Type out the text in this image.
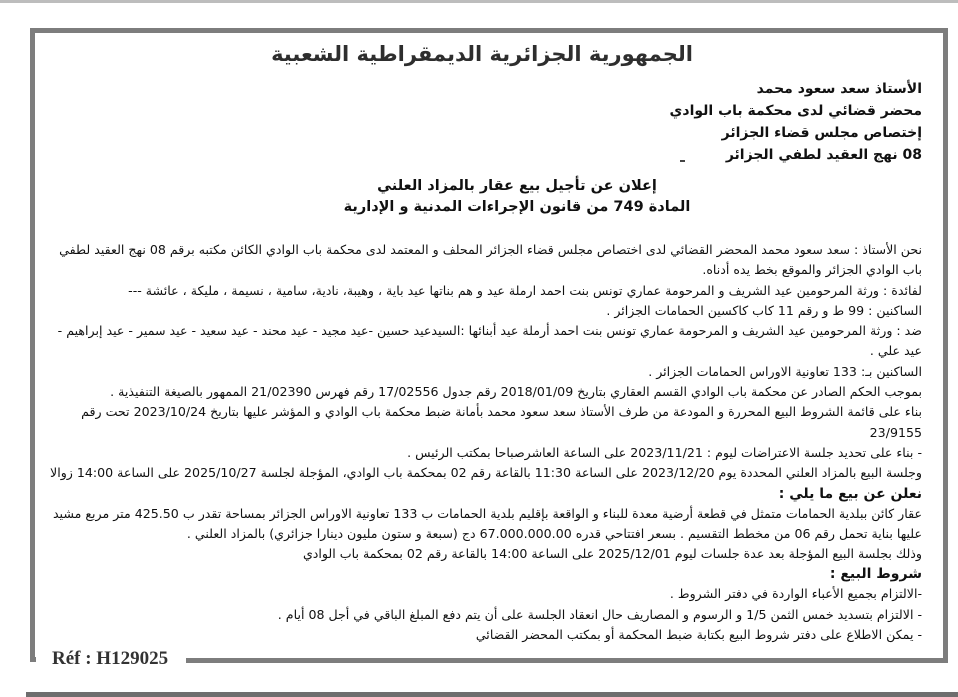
Réf : H129025
الجمهورية الجزائرية الديمقراطية الشعبية
الأستاذ سعد سعود محمد
محضر قضائي لدى محكمة باب الوادي
إختصاص مجلس قضاء الجزائر
08 نهج العقيد لطفي الجزائر
إعلان عن تأجيل بيع عقار بالمزاد العلني
المادة 749 من قانون الإجراءات المدنية و الإدارية

نحن الأستاذ : سعد سعود محمد المحضر القضائي لدى اختصاص مجلس قضاء الجزائر المحلف و المعتمد لدى محكمة باب الوادي الكائن مكتبه برقم 08 نهج العقيد لطفي باب الوادي الجزائر والموقع بخط يده أدناه.

لفائدة : ورثة المرحومين عيد الشريف و المرحومة عماري تونس بنت احمد ارملة عيد و هم بناتها عيد باية ، وهيبة، نادية، سامية ، نسيمة ، مليكة ، عائشة ---

الساكنين : 99 ط و رقم 11 كاب كاكسين الحمامات الجزائر .

ضد : ورثة المرحومين عيد الشريف و المرحومة عماري تونس بنت احمد أرملة عيد أبنائها :السيدعيد حسين -عيد مجيد - عيد محند - عيد سعيد - عيد سمير - عيد إبراهيم - عيد علي .

الساكنين بـ: 133 تعاونية الاوراس الحمامات الجزائر .

بموجب الحكم الصادر عن محكمة باب الوادي القسم العقاري بتاريخ 2018/01/09 رقم جدول 17/02556 رقم فهرس 21/02390 الممهور بالصيغة التنفيذية .

بناء على قائمة الشروط البيع المحررة و المودعة من طرف الأستاذ سعد سعود محمد بأمانة ضبط محكمة باب الوادي و المؤشر عليها بتاريخ 2023/10/24 تحت رقم 23/9155

- بناء على تحديد جلسة الاعتراضات ليوم : 2023/11/21 على الساعة العاشرصباحا بمكتب الرئيس .

وجلسة البيع بالمزاد العلني المحددة يوم 2023/12/20 على الساعة 11:30 بالقاعة رقم 02 بمحكمة باب الوادي، المؤجلة لجلسة 2025/10/27 على الساعة 14:00 زوالا

نعلن عن بيع ما يلي :

عقار كائن ببلدية الحمامات متمثل في قطعة أرضية معدة للبناء و الواقعة بإقليم بلدية الحمامات ب 133 تعاونية الاوراس الجزائر بمساحة تقدر ب 425.50 متر مربع مشيد عليها بناية تحمل رقم 06 من مخطط التقسيم . بسعر افتتاحي قدره 67.000.000.00 دج (سبعة و ستون مليون دينارا جزائري) بالمزاد العلني .

وذلك بجلسة البيع المؤجلة بعد عدة جلسات ليوم 2025/12/01 على الساعة 14:00 بالقاعة رقم 02 بمحكمة باب الوادي

شروط البيع :

-الالتزام بجميع الأعباء الواردة في دفتر الشروط .

- الالتزام بتسديد خمس الثمن 1/5 و الرسوم و المصاريف حال انعقاد الجلسة على أن يتم دفع المبلغ الباقي في أجل 08 أيام .

- يمكن الاطلاع على دفتر شروط البيع بكتابة ضبط المحكمة أو بمكتب المحضر القضائي
